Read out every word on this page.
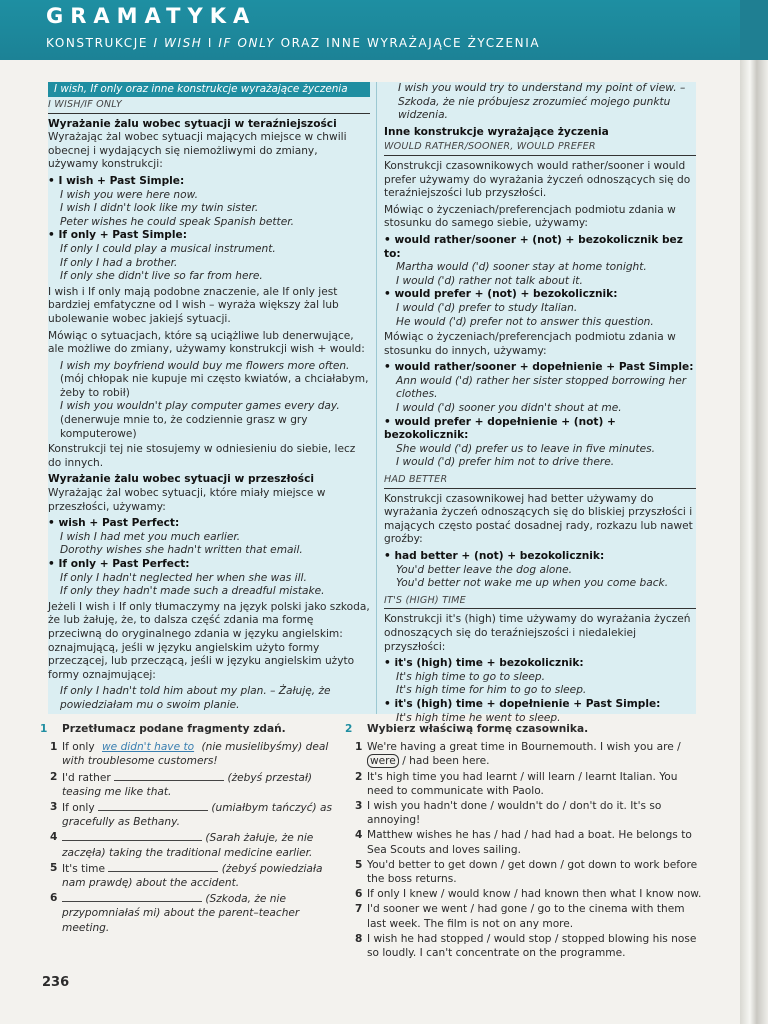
GRAMATYKA
KONSTRUKCJE I WISH I IF ONLY ORAZ INNE WYRAŻAJĄCE ŻYCZENIA
I wish, If only oraz inne konstrukcje wyrażające życzenia
I WISH/IF ONLY
Wyrażanie żalu wobec sytuacji w teraźniejszości

Wyrażając żal wobec sytuacji mających miejsce w chwili obecnej i wydających się niemożliwymi do zmiany, używamy konstrukcji:

• I wish + Past Simple:
I wish you were here now.
I wish I didn't look like my twin sister.
Peter wishes he could speak Spanish better.
• If only + Past Simple:
If only I could play a musical instrument.
If only I had a brother.
If only she didn't live so far from here.

I wish i If only mają podobne znaczenie, ale If only jest bardziej emfatyczne od I wish – wyraża większy żal lub ubolewanie wobec jakiejś sytuacji.

Mówiąc o sytuacjach, które są uciążliwe lub denerwujące, ale możliwe do zmiany, używamy konstrukcji wish + would:

I wish my boyfriend would buy me flowers more often.
(mój chłopak nie kupuje mi często kwiatów, a chciałabym, żeby to robił)
I wish you wouldn't play computer games every day.
(denerwuje mnie to, że codziennie grasz w gry komputerowe)

Konstrukcji tej nie stosujemy w odniesieniu do siebie, lecz do innych.

Wyrażanie żalu wobec sytuacji w przeszłości

Wyrażając żal wobec sytuacji, które miały miejsce w przeszłości, używamy:

• wish + Past Perfect:
I wish I had met you much earlier.
Dorothy wishes she hadn't written that email.
• If only + Past Perfect:
If only I hadn't neglected her when she was ill.
If only they hadn't made such a dreadful mistake.

Jeżeli I wish i If only tłumaczymy na język polski jako szkoda, że lub żałuję, że, to dalsza część zdania ma formę przeciwną do oryginalnego zdania w języku angielskim: oznajmującą, jeśli w języku angielskim użyto formy przeczącej, lub przeczącą, jeśli w języku angielskim użyto formy oznajmującej:

If only I hadn't told him about my plan. – Żałuję, że powiedziałam mu o swoim planie.

I wish you would try to understand my point of view. – Szkoda, że nie próbujesz zrozumieć mojego punktu widzenia.

Inne konstrukcje wyrażające życzenia
WOULD RATHER/SOONER, WOULD PREFER

Konstrukcji czasownikowych would rather/sooner i would prefer używamy do wyrażania życzeń odnoszących się do teraźniejszości lub przyszłości.

Mówiąc o życzeniach/preferencjach podmiotu zdania w stosunku do samego siebie, używamy:

• would rather/sooner + (not) + bezokolicznik bez to:
Martha would ('d) sooner stay at home tonight.
I would ('d) rather not talk about it.
• would prefer + (not) + bezokolicznik:
I would ('d) prefer to study Italian.
He would ('d) prefer not to answer this question.

Mówiąc o życzeniach/preferencjach podmiotu zdania w stosunku do innych, używamy:

• would rather/sooner + dopełnienie + Past Simple:
Ann would ('d) rather her sister stopped borrowing her clothes.
I would ('d) sooner you didn't shout at me.
• would prefer + dopełnienie + (not) + bezokolicznik:
She would ('d) prefer us to leave in five minutes.
I would ('d) prefer him not to drive there.
HAD BETTER

Konstrukcji czasownikowej had better używamy do wyrażania życzeń odnoszących się do bliskiej przyszłości i mających często postać dosadnej rady, rozkazu lub nawet groźby:

• had better + (not) + bezokolicznik:
You'd better leave the dog alone.
You'd better not wake me up when you come back.
IT'S (HIGH) TIME

Konstrukcji it's (high) time używamy do wyrażania życzeń odnoszących się do teraźniejszości i niedalekiej przyszłości:

• it's (high) time + bezokolicznik:
It's high time to go to sleep.
It's high time for him to go to sleep.
• it's (high) time + dopełnienie + Past Simple:
It's high time he went to sleep.
1 Przetłumacz podane fragmenty zdań.
1 If only we didn't have to (nie musielibyśmy) deal with troublesome customers!
2 I'd rather	(żebyś przestał) teasing me like that.
3 If only	(umiałbym tańczyć) as gracefully as Bethany.
4	(Sarah żałuje, że nie zaczęła) taking the traditional medicine earlier.
5 It's time	(żebyś powiedziała nam prawdę) about the accident.
6	(Szkoda, że nie przypomniałaś mi) about the parent–teacher meeting.
2 Wybierz właściwą formę czasownika.
1 We're having a great time in Bournemouth. I wish you are / were / had been here.
2 It's high time you had learnt / will learn / learnt Italian. You need to communicate with Paolo.
3 I wish you hadn't done / wouldn't do / don't do it. It's so annoying!
4 Matthew wishes he has / had / had had a boat. He belongs to Sea Scouts and loves sailing.
5 You'd better to get down / get down / got down to work before the boss returns.
6 If only I knew / would know / had known then what I know now.
7 I'd sooner we went / had gone / go to the cinema with them last week. The film is not on any more.
8 I wish he had stopped / would stop / stopped blowing his nose so loudly. I can't concentrate on the programme.
236
